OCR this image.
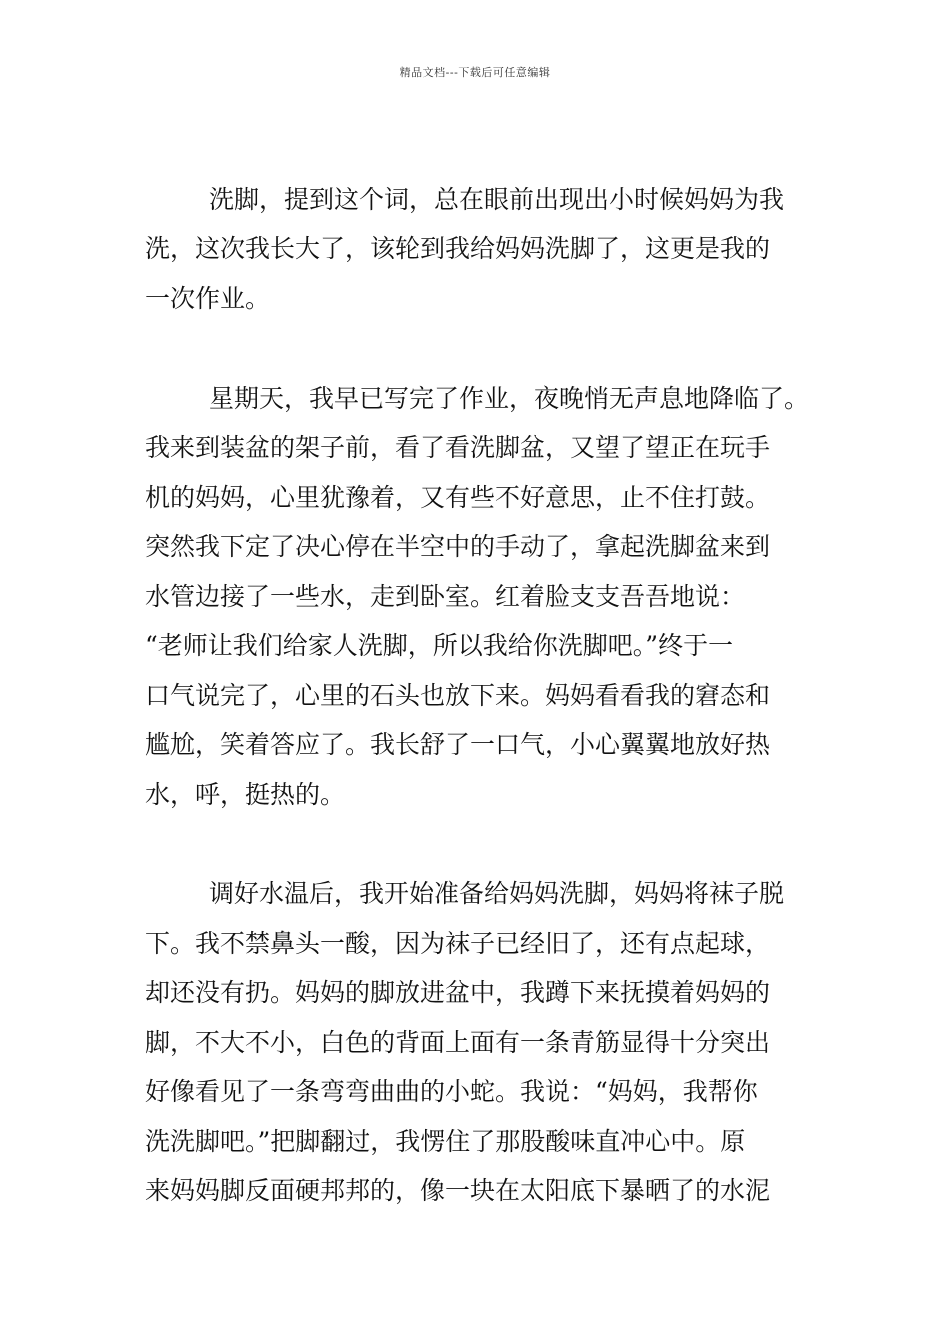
精品文档---下载后可任意编辑
洗脚，提到这个词，总在眼前出现出小时候妈妈为我
洗，这次我长大了，该轮到我给妈妈洗脚了，这更是我的
一次作业。
星期天，我早已写完了作业，夜晚悄无声息地降临了。
我来到装盆的架子前，看了看洗脚盆，又望了望正在玩手
机的妈妈，心里犹豫着，又有些不好意思，止不住打鼓。
突然我下定了决心停在半空中的手动了，拿起洗脚盆来到
水管边接了一些水，走到卧室。红着脸支支吾吾地说：
“老师让我们给家人洗脚，所以我给你洗脚吧。”终于一
口气说完了，心里的石头也放下来。妈妈看看我的窘态和
尴尬，笑着答应了。我长舒了一口气，小心翼翼地放好热
水，呼，挺热的。
调好水温后，我开始准备给妈妈洗脚，妈妈将袜子脱
下。我不禁鼻头一酸，因为袜子已经旧了，还有点起球，
却还没有扔。妈妈的脚放进盆中，我蹲下来抚摸着妈妈的
脚，不大不小，白色的背面上面有一条青筋显得十分突出
好像看见了一条弯弯曲曲的小蛇。我说：“妈妈，我帮你
洗洗脚吧。”把脚翻过，我愣住了那股酸味直冲心中。原
来妈妈脚反面硬邦邦的，像一块在太阳底下暴晒了的水泥
